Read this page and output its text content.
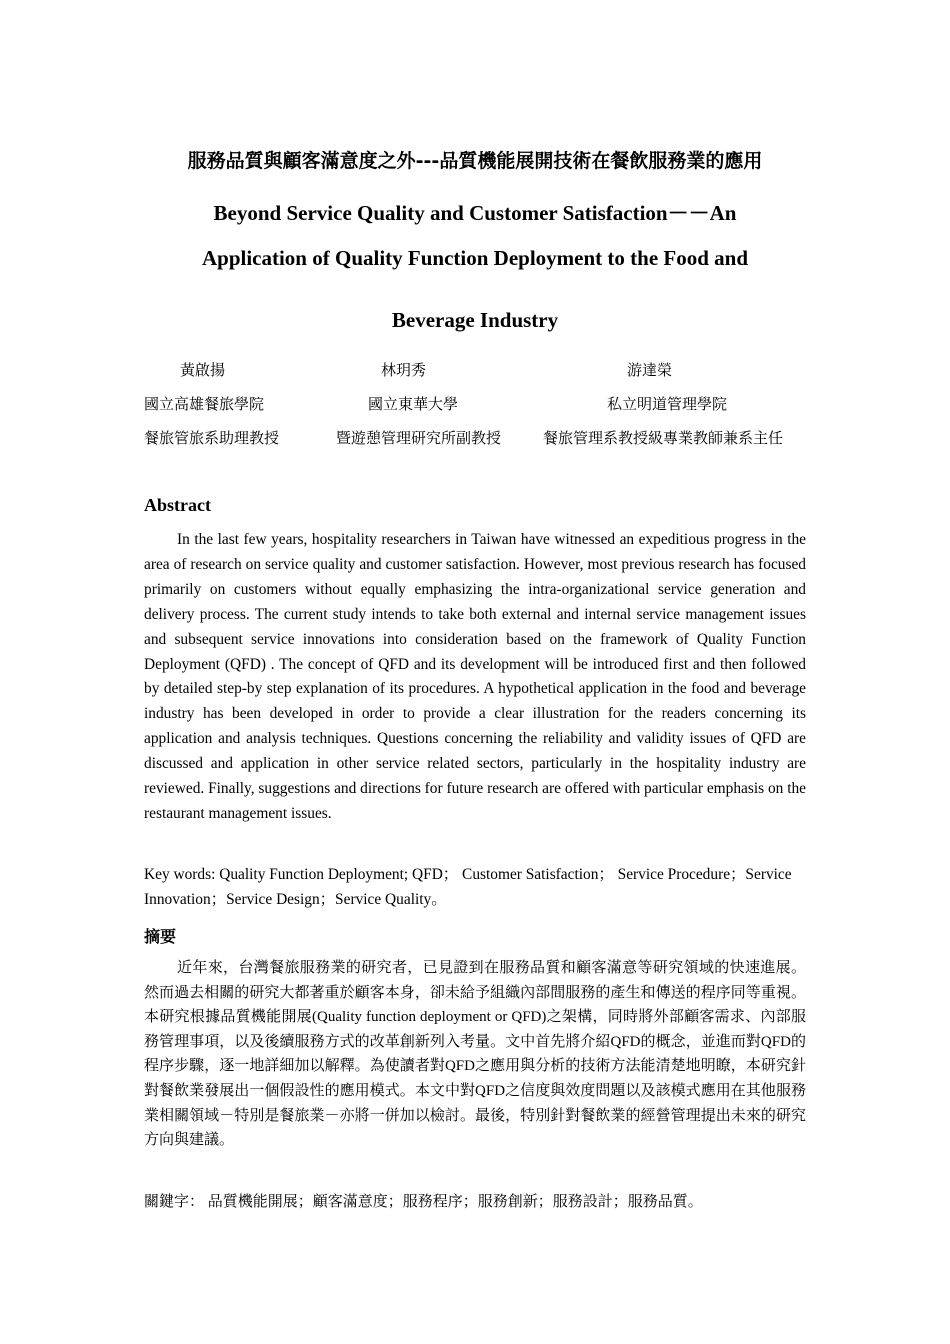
服務品質與顧客滿意度之外---品質機能展開技術在餐飲服務業的應用
Beyond Service Quality and Customer Satisfaction－－An
Application of Quality Function Deployment to the Food and
Beverage Industry
黃啟揚	林玥秀	游達榮
國立高雄餐旅學院	國立東華大學	私立明道管理學院
餐旅管旅系助理教授	暨遊憩管理研究所副教授	餐旅管理系教授級專業教師兼系主任
Abstract

In the last few years, hospitality researchers in Taiwan have witnessed an expeditious progress in the area of research on service quality and customer satisfaction. However, most previous research has focused primarily on customers without equally emphasizing the intra-organizational service generation and delivery process. The current study intends to take both external and internal service management issues and subsequent service innovations into consideration based on the framework of Quality Function Deployment (QFD) . The concept of QFD and its development will be introduced first and then followed by detailed step-by step explanation of its procedures. A hypothetical application in the food and beverage industry has been developed in order to provide a clear illustration for the readers concerning its application and analysis techniques. Questions concerning the reliability and validity issues of QFD are discussed and application in other service related sectors, particularly in the hospitality industry are reviewed. Finally, suggestions and directions for future research are offered with particular emphasis on the restaurant management issues.

Key words: Quality Function Deployment; QFD； Customer Satisfaction； Service Procedure；Service Innovation；Service Design；Service Quality。

摘要

近年來，台灣餐旅服務業的研究者，已見證到在服務品質和顧客滿意等研究領域的快速進展。然而過去相關的研究大都著重於顧客本身，卻未給予組織內部間服務的產生和傳送的程序同等重視。本研究根據品質機能開展(Quality function deployment or QFD)之架構，同時將外部顧客需求、內部服務管理事項，以及後續服務方式的改革創新列入考量。文中首先將介紹QFD的概念，並進而對QFD的程序步驟，逐一地詳細加以解釋。為使讀者對QFD之應用與分析的技術方法能清楚地明瞭，本研究針對餐飲業發展出一個假設性的應用模式。本文中對QFD之信度與效度問題以及該模式應用在其他服務業相關領域－特別是餐旅業－亦將一併加以檢討。最後，特別針對餐飲業的經營管理提出未來的研究方向與建議。

關鍵字： 品質機能開展；顧客滿意度；服務程序；服務創新；服務設計；服務品質。
